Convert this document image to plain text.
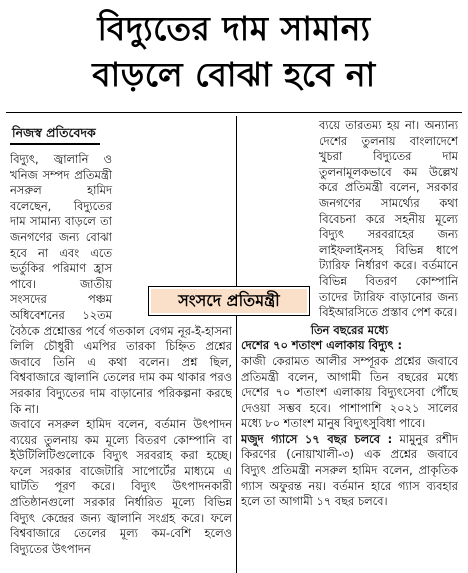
বিদ্যুতের দাম সামান্য
বাড়লে বোঝা হবে না
নিজস্ব প্রতিবেদক

বিদ্যুৎ, জ্বালানি ও খনিজ সম্পদ প্রতিমন্ত্রী নসরুল হামিদ বলেছেন, বিদ্যুতের দাম সামান্য বাড়লে তা জনগণের জন্য বোঝা হবে না এবং এতে ভর্তুকির পরিমাণ হ্রাস পাবে। জাতীয় সংসদের পঞ্চম অধিবেশনের ১২তম বৈঠকে প্রশ্নোত্তর পর্বে গতকাল বেগম নূর-ই-হাসনা লিলি চৌধুরী এমপির তারকা চিহ্নিত প্রশ্নের জবাবে তিনি এ কথা বলেন। প্রশ্ন ছিল, বিশ্ববাজারে জ্বালানি তেলের দাম কম থাকার পরও সরকার বিদ্যুতের দাম বাড়ানোর পরিকল্পনা করছে কি না।

জবাবে নসরুল হামিদ বলেন, বর্তমান উৎপাদন ব্যয়ের তুলনায় কম মূল্যে বিতরণ কোম্পানি বা ইউটিলিটিগুলোকে বিদ্যুৎ সরবরাহ করা হচ্ছে। ফলে সরকার বাজেটারি সাপোর্টের মাধ্যমে এ ঘাটতি পূরণ করে। বিদ্যুৎ উৎপাদনকারী প্রতিষ্ঠানগুলো সরকার নির্ধারিত মূল্যে বিভিন্ন বিদ্যুৎ কেন্দ্রের জন্য জ্বালানি সংগ্রহ করে। ফলে বিশ্ববাজারে তেলের মূল্য কম-বেশি হলেও বিদ্যুতের উৎপাদন

ব্যয়ে তারতম্য হয় না। অন্যান্য দেশের তুলনায় বাংলাদেশে খুচরা বিদ্যুতের দাম তুলনামূলকভাবে কম উল্লেখ করে প্রতিমন্ত্রী বলেন, সরকার জনগণের সামর্থ্যের কথা বিবেচনা করে সহনীয় মূল্যে বিদ্যুৎ সরবরাহের জন্য লাইফলাইনসহ বিভিন্ন ধাপে ট্যারিফ নির্ধারণ করে। বর্তমানে বিভিন্ন বিতরণ কোম্পানি তাদের ট্যারিফ বাড়ানোর জন্য বিইআরসিতে প্রস্তাব পেশ করে।

তিন বছরের মধ্যে

দেশের ৭০ শতাংশ এলাকায় বিদ্যুৎ :

কাজী কেরামত আলীর সম্পূরক প্রশ্নের জবাবে প্রতিমন্ত্রী বলেন, আগামী তিন বছরের মধ্যে দেশের ৭০ শতাংশ এলাকায় বিদ্যুৎসেবা পৌঁছে দেওয়া সম্ভব হবে। পাশাপাশি ২০২১ সালের মধ্যে ৮০ শতাংশ মানুষ বিদ্যুৎসুবিধা পাবে।

মজুদ গ্যাসে ১৭ বছর চলবে : মামুনুর রশীদ কিরণের (নোয়াখালী-৩) এক প্রশ্নের জবাবে বিদ্যুৎ প্রতিমন্ত্রী নসরুল হামিদ বলেন, প্রাকৃতিক গ্যাস অফুরন্ত নয়। বর্তমান হারে গ্যাস ব্যবহার হলে তা আগামী ১৭ বছর চলবে।

সংসদে প্রতিমন্ত্রী
